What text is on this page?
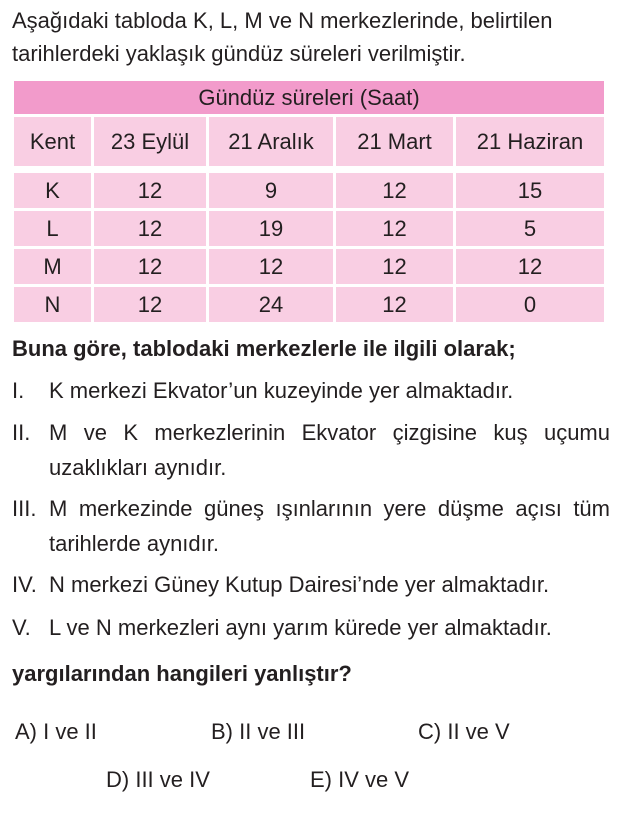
Aşağıdaki tabloda K, L, M ve N merkezlerinde, belirtilen tarihlerdeki yaklaşık gündüz süreleri verilmiştir.

Gündüz süreleri (Saat)
Kent	23 Eylül	21 Aralık	21 Mart	21 Haziran
K	12	9	12	15
L	12	19	12	5
M	12	12	12	12
N	12	24	12	0

Buna göre, tablodaki merkezlerle ile ilgili olarak;

I.	K merkezi Ekvator’un kuzeyinde yer almaktadır.
II. M ve K merkezlerinin Ekvator çizgisine kuş uçumu uzaklıkları aynıdır.
III. M merkezinde güneş ışınlarının yere düşme açısı tüm tarihlerde aynıdır.
IV. N merkezi Güney Kutup Dairesi’nde yer almaktadır.
V. L ve N merkezleri aynı yarım kürede yer almaktadır.

yargılarından hangileri yanlıştır?

A) I ve II	B) II ve III	C) II ve V
D) III ve IV	E) IV ve V
